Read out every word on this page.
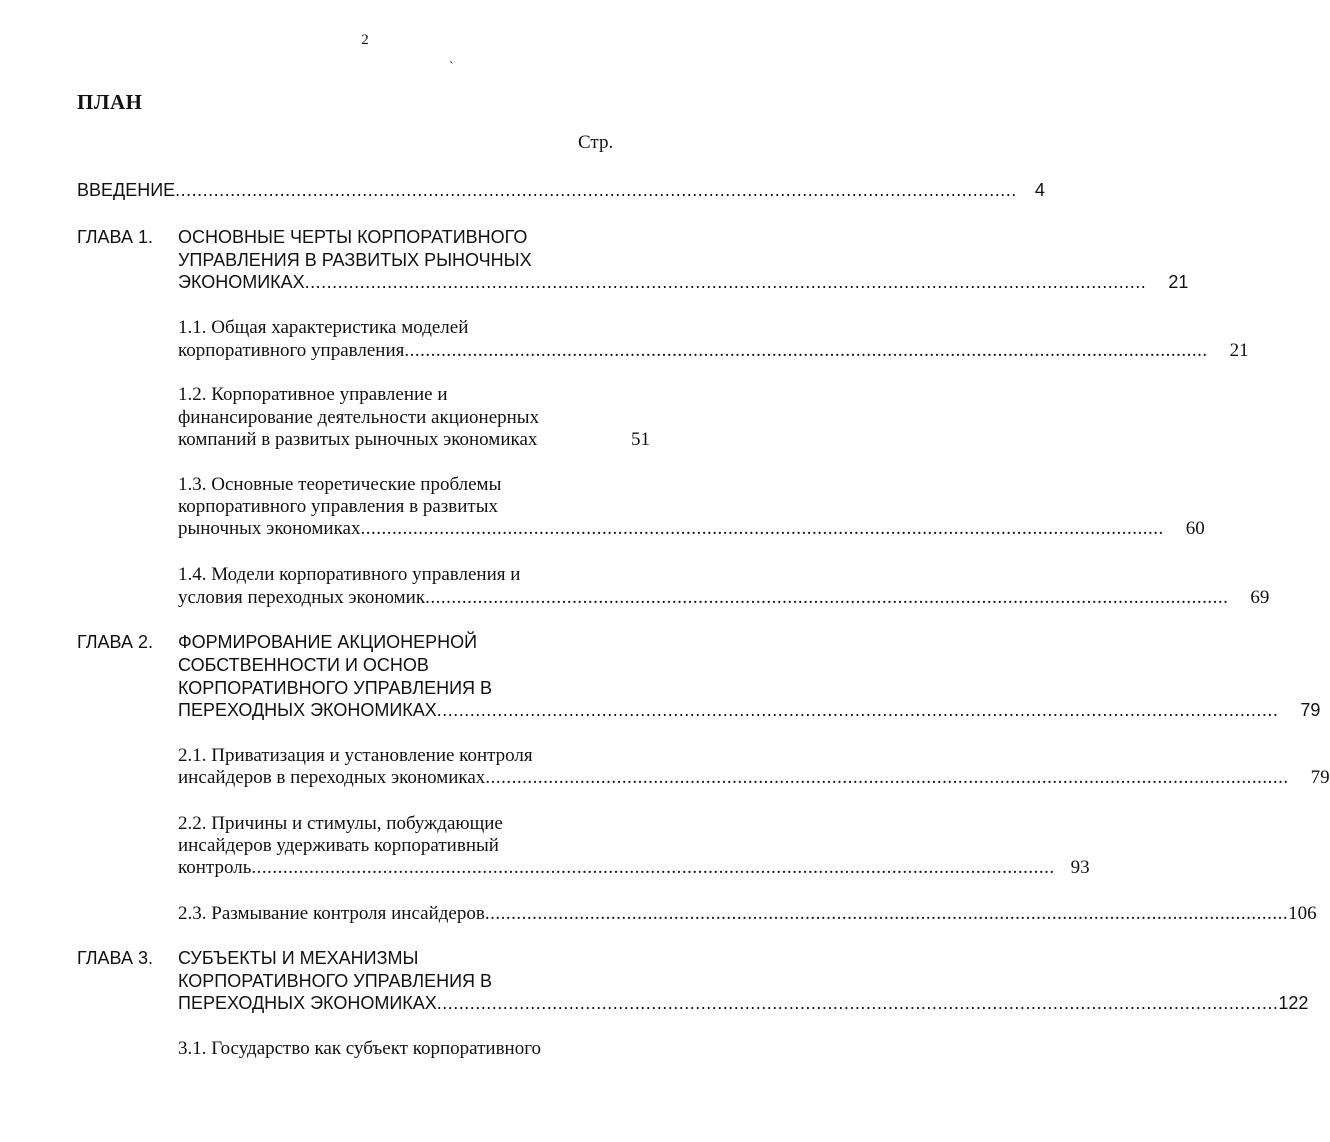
2
`
ПЛАН
Стр.
ВВЕДЕНИЕ .........................................................................................................................................................	4
ГЛАВА 1. ОСНОВНЫЕ ЧЕРТЫ КОРПОРАТИВНОГО
УПРАВЛЕНИЯ В РАЗВИТЫХ РЫНОЧНЫХ
ЭКОНОМИКАХ .........................................................................................................................................................	21
1.1. Общая характеристика моделей
корпоративного управления .........................................................................................................................................................	21
1.2. Корпоративное управление и
финансирование деятельности акционерных
компаний в развитых рыночных экономиках	51
1.3. Основные теоретические проблемы
корпоративного управления в развитых
рыночных экономиках .........................................................................................................................................................	60
1.4. Модели корпоративного управления и
условия переходных экономик .........................................................................................................................................................	69
ГЛАВА 2. ФОРМИРОВАНИЕ АКЦИОНЕРНОЙ
СОБСТВЕННОСТИ И ОСНОВ
КОРПОРАТИВНОГО УПРАВЛЕНИЯ В
ПЕРЕХОДНЫХ ЭКОНОМИКАХ .........................................................................................................................................................	79
2.1. Приватизация и установление контроля
инсайдеров в переходных экономиках .........................................................................................................................................................	79
2.2. Причины и стимулы, побуждающие
инсайдеров удерживать корпоративный
контроль ......................................................................................................................................................... 93
2.3. Размывание контроля инсайдеров ......................................................................................................................................................... 106
ГЛАВА 3. СУБЪЕКТЫ И МЕХАНИЗМЫ
КОРПОРАТИВНОГО УПРАВЛЕНИЯ В
ПЕРЕХОДНЫХ ЭКОНОМИКАХ ......................................................................................................................................................... 122
3.1. Государство как субъект корпоративного
